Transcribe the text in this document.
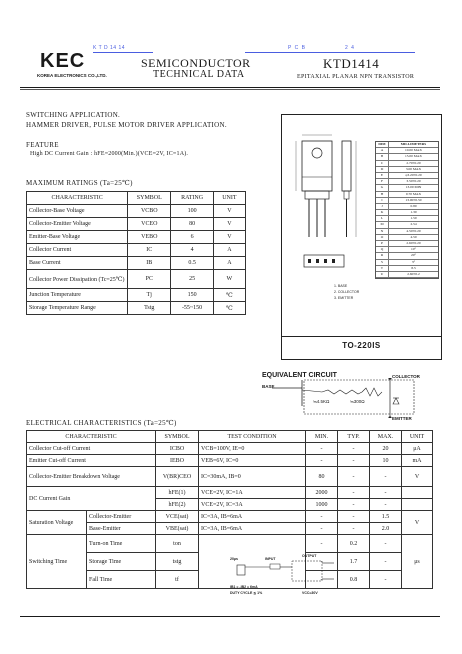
K T D 14 14	P C B	2 4
KEC
KOREA ELECTRONICS CO.,LTD.
SEMICONDUCTOR
TECHNICAL DATA
KTD1414
EPITAXIAL PLANAR NPN TRANSISTOR
SWITCHING APPLICATION.
HAMMER DRIVER, PULSE MOTOR DRIVER APPLICATION.
FEATURE
High DC Current Gain : hFE=2000(Min.)(VCE=2V, IC=1A).
MAXIMUM RATINGS (Ta=25℃)
CHARACTERISTIC	SYMBOL	RATING	UNIT
Collector-Base Voltage	VCBO	100	V
Collector-Emitter Voltage	VCEO	80	V
Emitter-Base Voltage	VEBO	6	V
Collector Current	IC	4	A
Base Current	IB	0.5	A
Collector Power Dissipation (Tc=25℃)	PC	25	W
Junction Temperature	Tj	150	℃
Storage Temperature Range	Tstg	-55~150	℃
DIM	MILLIMETERS
A	10.00 MAX
B	15.00 MAX
C	2.70±0.20
D	3.00 MAX
E	φ3.20±0.20
F	3.50±0.20
G	13.00 MIN
H	0.70 MAX
I	13.00±0.50
J	0.80
K	1.30
L	1.50
M	2.54
N	4.50±0.20
O	4.50
P	2.60±0.20
Q	10°
R	20°
S	3°
T	8.5
U	2.60±0.2
1. BASE
2. COLLECTOR
3. EMITTER
TO-220IS
EQUIVALENT CIRCUIT	COLLECTOR
BASE
EMITTER
≒4.5KΩ	≒300Ω
ELECTRICAL CHARACTERISTICS (Ta=25℃)
CHARACTERISTIC		SYMBOL	TEST CONDITION	MIN.	TYP.	MAX.	UNIT
Collector Cut-off Current		ICBO	VCB=100V, IE=0	-	-	20	μA
Emitter Cut-off Current		IEBO	VEB=6V, IC=0	-	-	10	mA
Collector-Emitter Breakdown Voltage		V(BR)CEO	IC=30mA, IB=0	80	-	-	V
DC Current Gain		hFE(1)	VCE=2V, IC=1A	2000	-	-	
		hFE(2)	VCE=2V, IC=3A	1000	-	-	
Saturation Voltage	Collector-Emitter	VCE(sat)	IC=3A, IB=6mA	-	-	1.5	V
	Base-Emitter	VBE(sat)	IC=3A, IB=6mA	-	-	2.0	
Switching Time	Turn-on Time	ton		-	0.2	-	μs
	Storage Time	tstg		-	1.7	-	
	Fall Time	tf		-	0.8	-	
INPUT
OUTPUT
20μs
IB1 = -IB2 = 6mA
DUTY CYCLE ≦ 1%	VCC=30V
